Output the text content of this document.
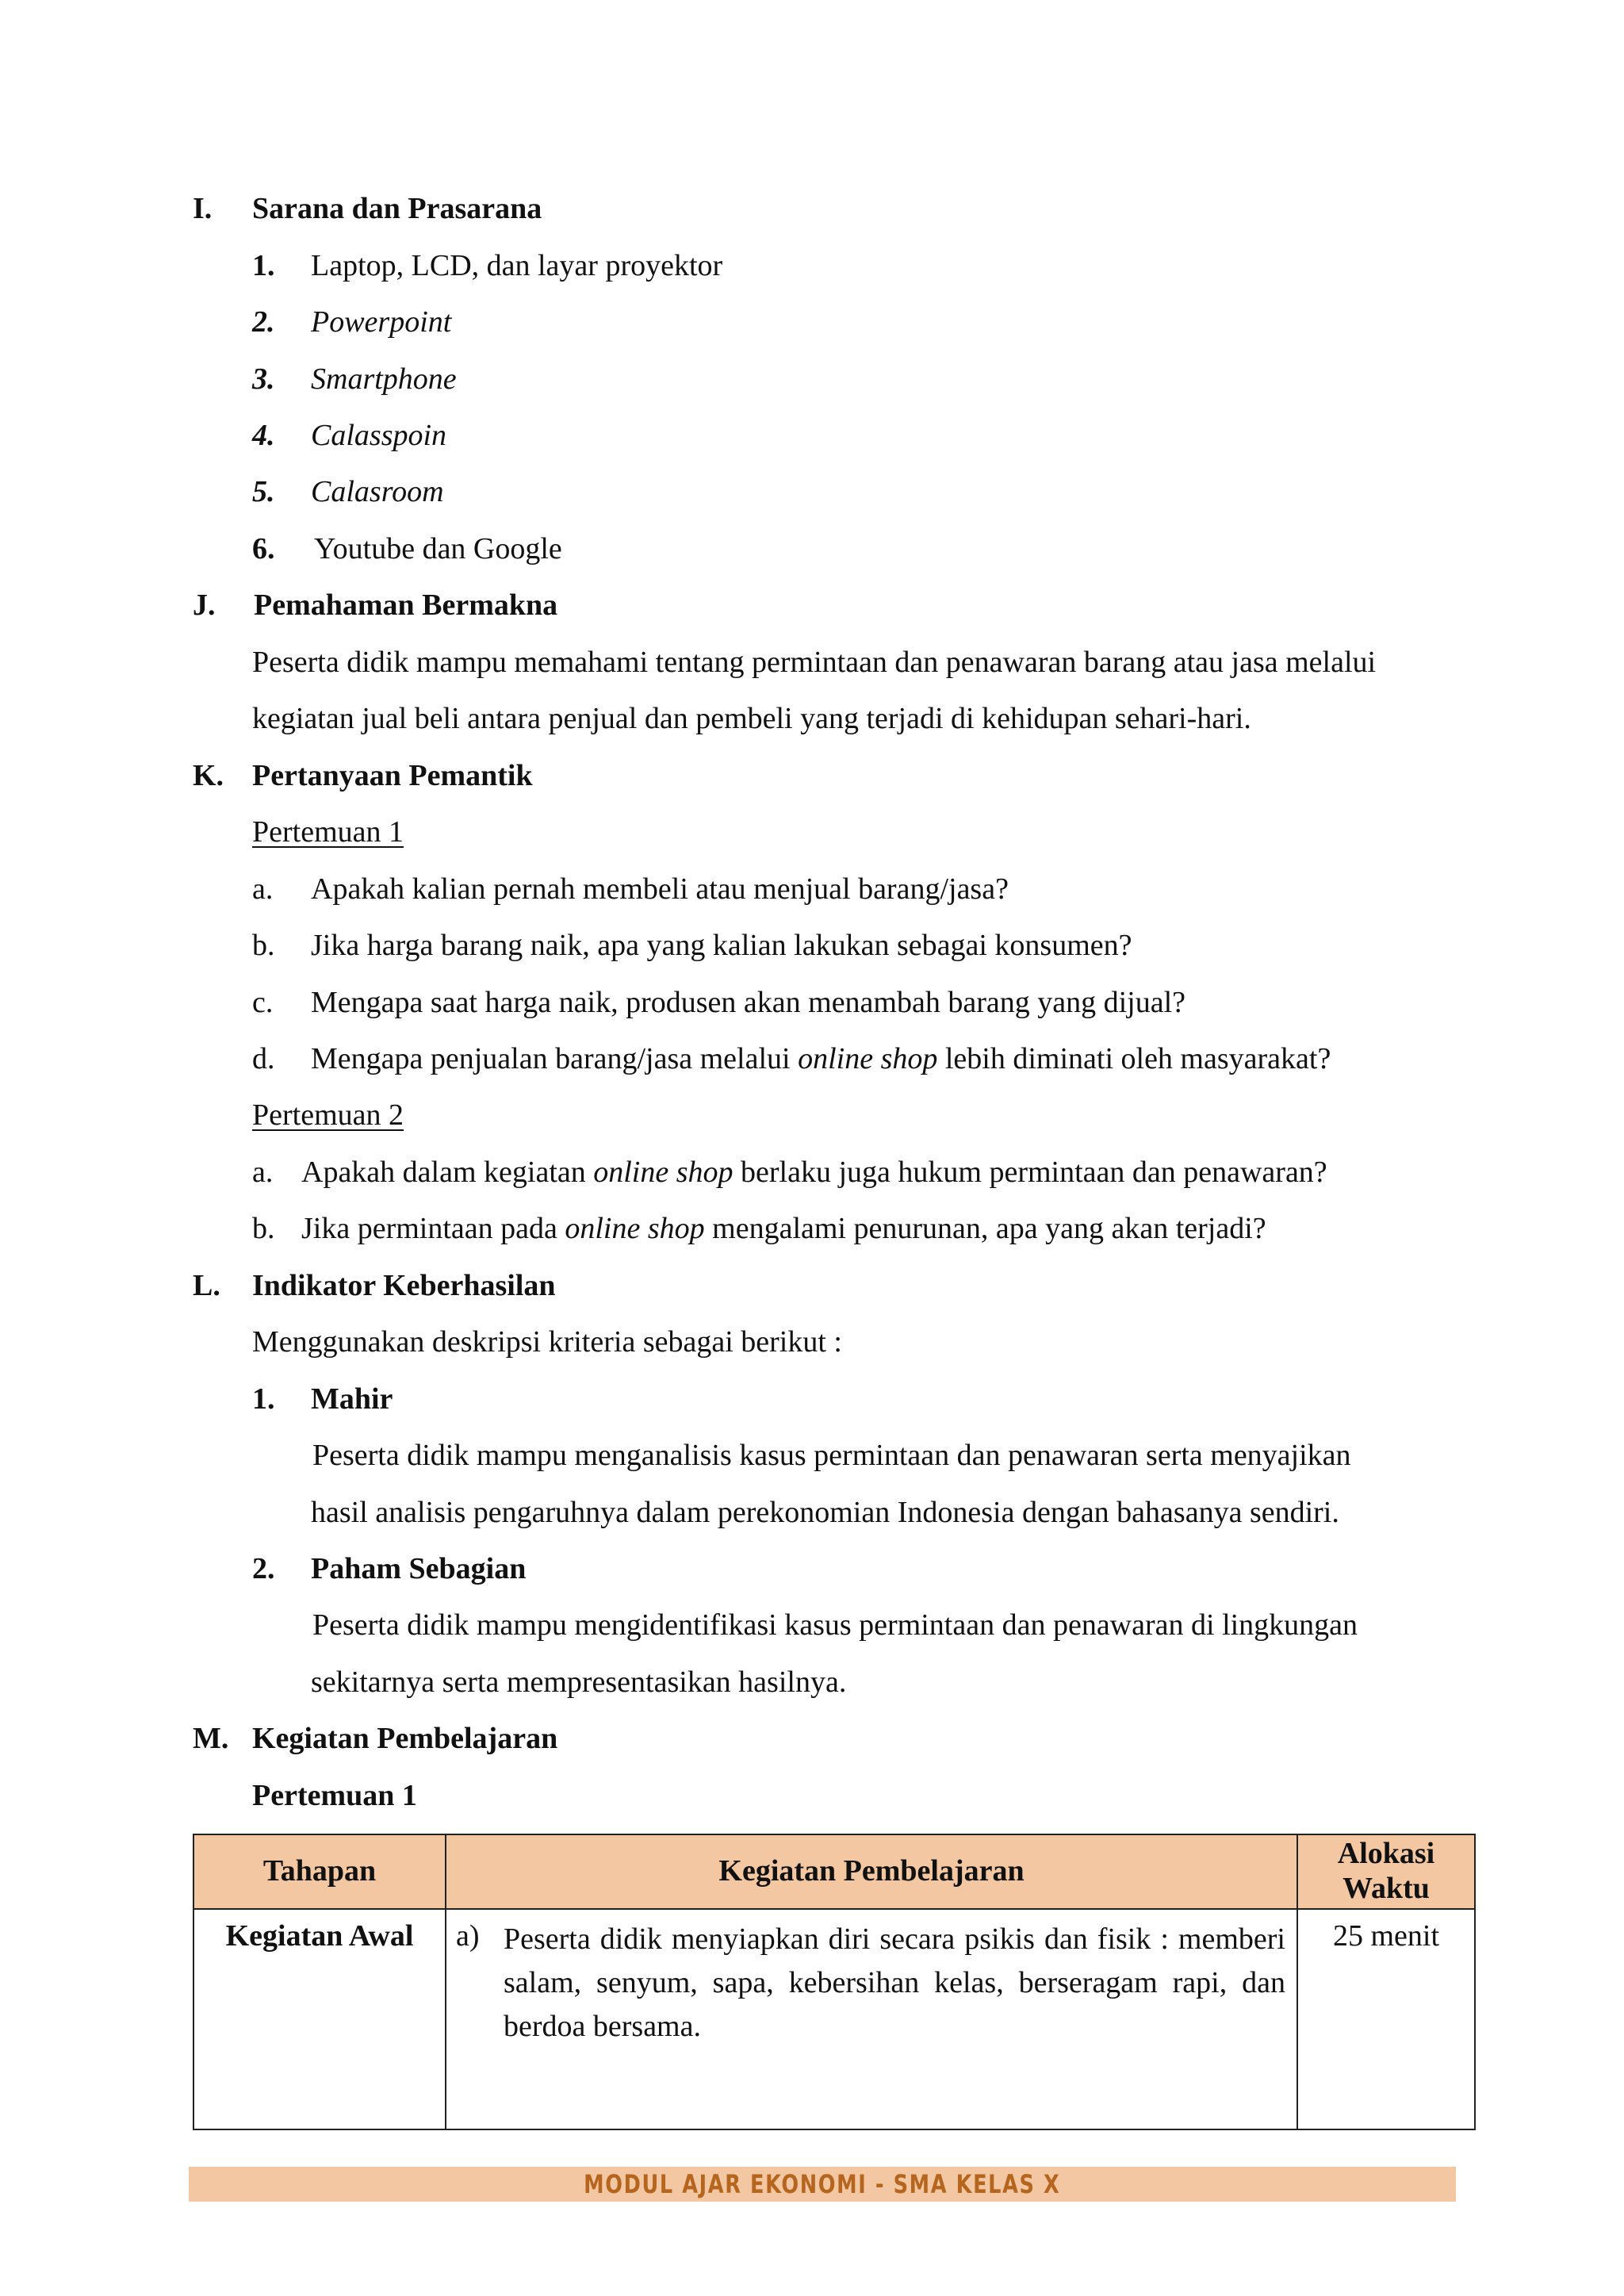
I. Sarana dan Prasarana
1. Laptop, LCD, dan layar proyektor
2. Powerpoint
3. Smartphone
4. Calasspoin
5. Calasroom
6. Youtube dan Google
J. Pemahaman Bermakna
Peserta didik mampu memahami tentang permintaan dan penawaran barang atau jasa melalui
kegiatan jual beli antara penjual dan pembeli yang terjadi di kehidupan sehari-hari.
K. Pertanyaan Pemantik
Pertemuan 1
a. Apakah kalian pernah membeli atau menjual barang/jasa?
b. Jika harga barang naik, apa yang kalian lakukan sebagai konsumen?
c. Mengapa saat harga naik, produsen akan menambah barang yang dijual?
d. Mengapa penjualan barang/jasa melalui online shop lebih diminati oleh masyarakat?
Pertemuan 2
a. Apakah dalam kegiatan online shop berlaku juga hukum permintaan dan penawaran?
b. Jika permintaan pada online shop mengalami penurunan, apa yang akan terjadi?
L. Indikator Keberhasilan
Menggunakan deskripsi kriteria sebagai berikut :
1. Mahir
Peserta didik mampu menganalisis kasus permintaan dan penawaran serta menyajikan
hasil analisis pengaruhnya dalam perekonomian Indonesia dengan bahasanya sendiri.
2. Paham Sebagian
Peserta didik mampu mengidentifikasi kasus permintaan dan penawaran di lingkungan
sekitarnya serta mempresentasikan hasilnya.
M. Kegiatan Pembelajaran
Pertemuan 1
Tahapan	Kegiatan Pembelajaran	Alokasi
Waktu

Kegiatan Awal	a) Peserta didik menyiapkan diri secara psikis dan fisik : memberi salam, senyum, sapa, kebersihan kelas, berseragam rapi, dan berdoa bersama.	25 menit
MODUL AJAR EKONOMI - SMA KELAS X
